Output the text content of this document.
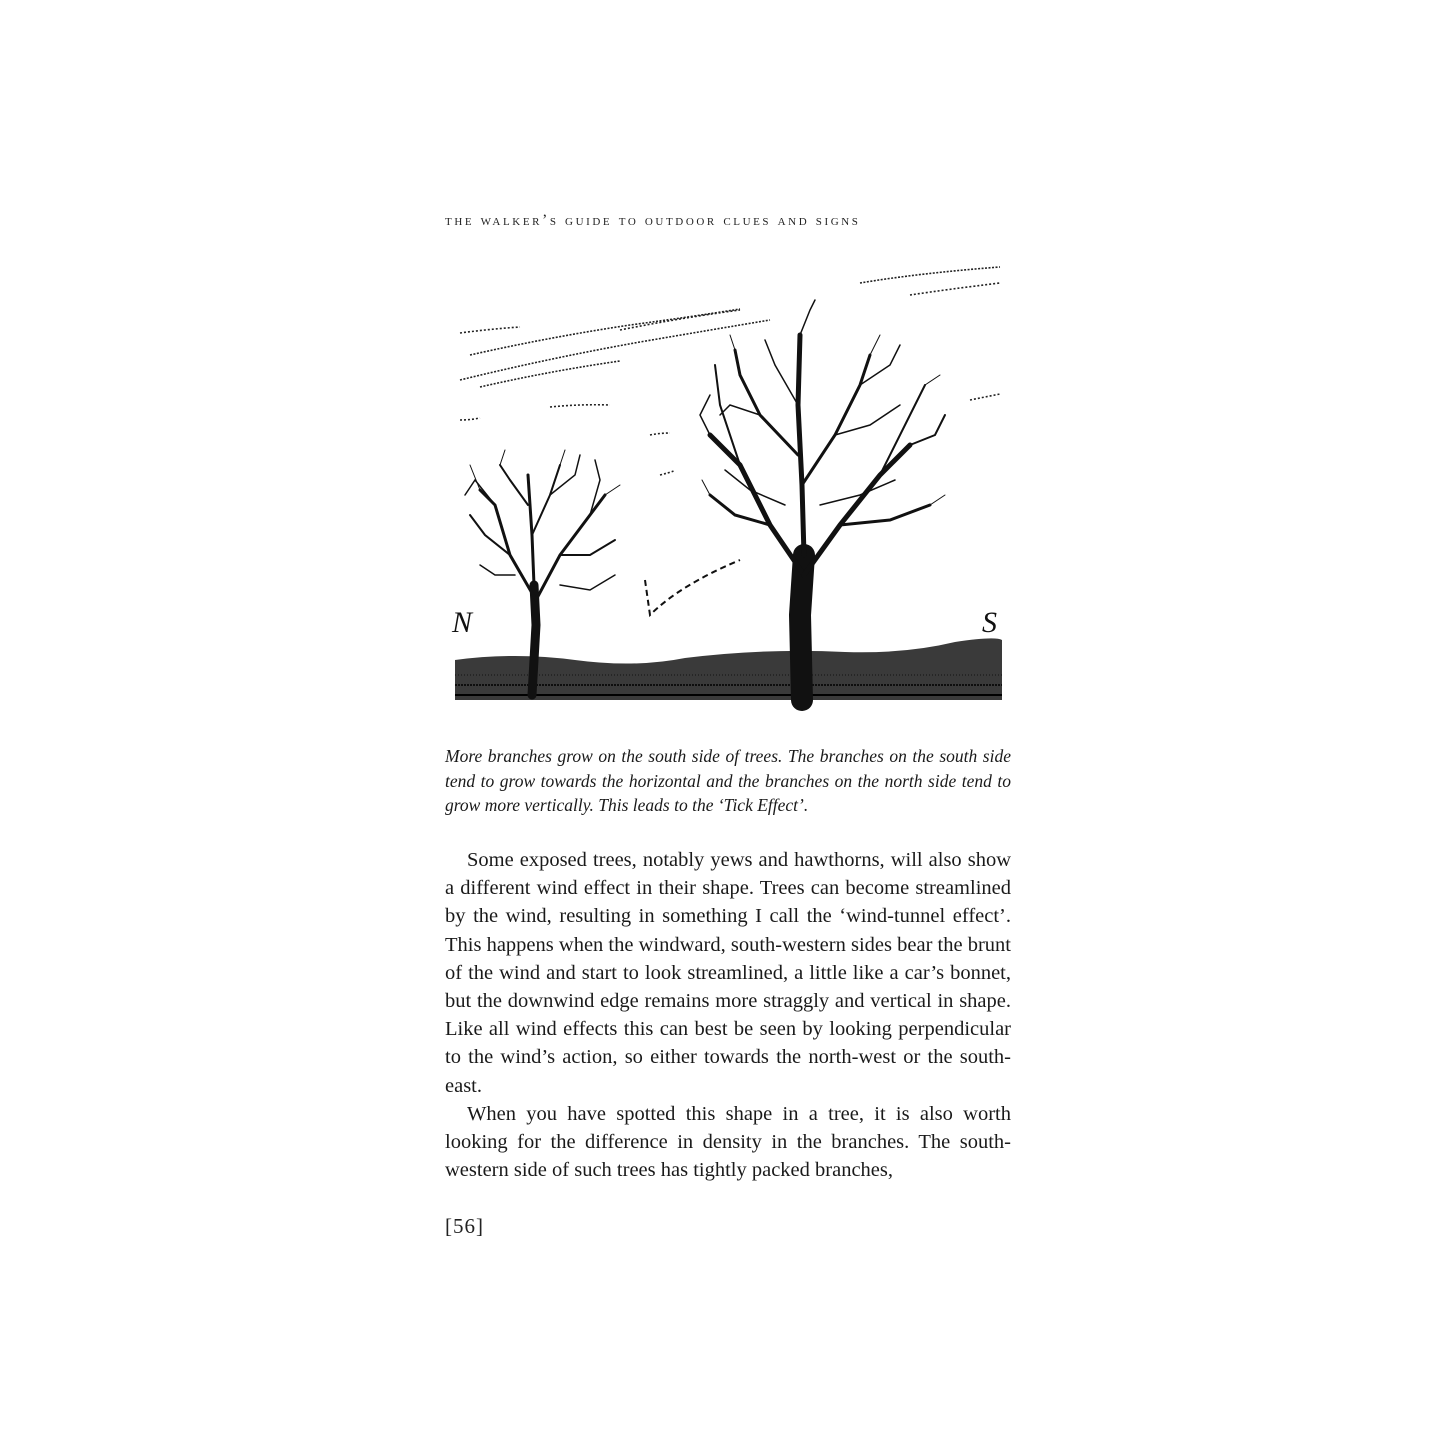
the walker’s guide to outdoor clues and signs
N	S

More branches grow on the south side of trees. The branches on the south side tend to grow towards the horizontal and the branches on the north side tend to grow more vertically. This leads to the ‘Tick Effect’.

Some exposed trees, notably yews and hawthorns, will also show a different wind effect in their shape. Trees can become streamlined by the wind, resulting in something I call the ‘wind-tunnel effect’. This happens when the windward, south-western sides bear the brunt of the wind and start to look streamlined, a little like a car’s bonnet, but the downwind edge remains more straggly and vertical in shape. Like all wind effects this can best be seen by looking perpendicular to the wind’s action, so either towards the north-west or the south-east.

When you have spotted this shape in a tree, it is also worth looking for the difference in density in the branches. The south-western side of such trees has tightly packed branches,

[56]
